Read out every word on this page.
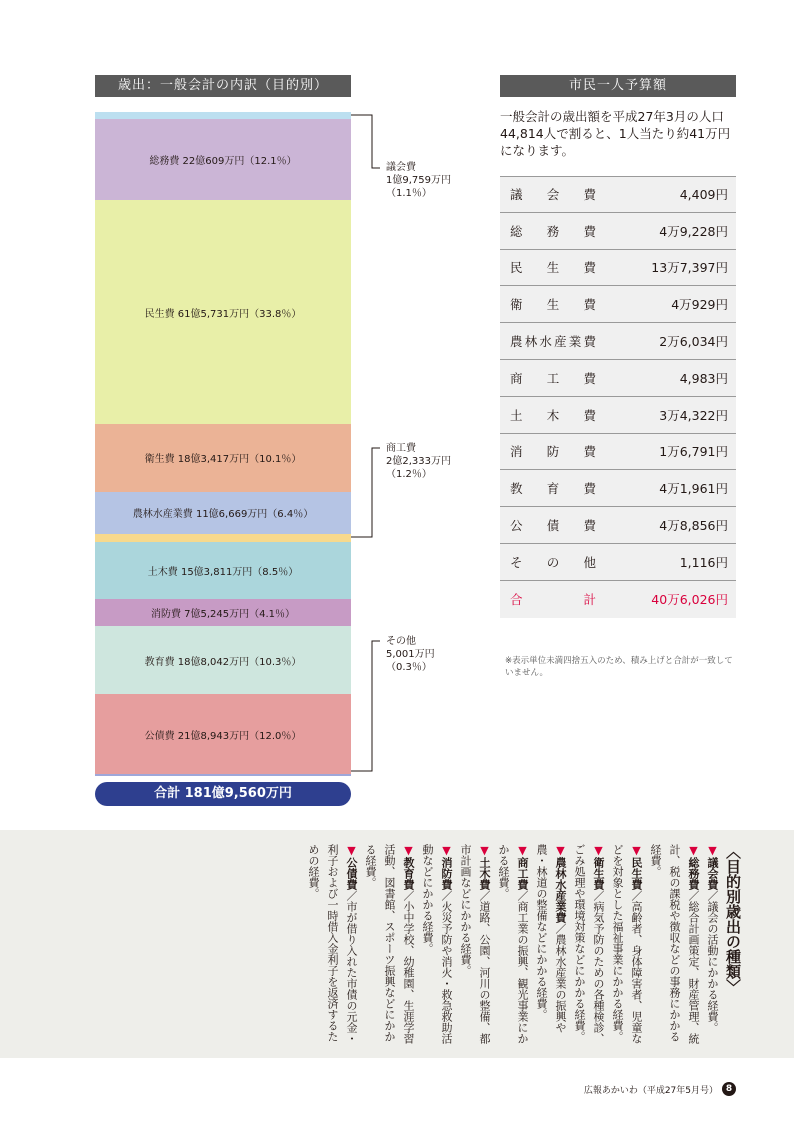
歳出：一般会計の内訳（目的別）	市民一人予算額
総務費 22億609万円（12.1％）
民生費 61億5,731万円（33.8％）
衛生費 18億3,417万円（10.1％）
農林水産業費 11億6,669万円（6.4％）
土木費 15億3,811万円（8.5％）
消防費 7億5,245万円（4.1％）
教育費 18億8,042万円（10.3％）
公債費 21億8,943万円（12.0％）
議会費
1億9,759万円
（1.1％）
商工費
2億2,333万円
（1.2％）
その他
5,001万円
（0.3％）
合計 181億9,560万円
一般会計の歳出額を平成27年3月の人口44,814人で割ると、1人当たり約41万円になります。
議会費	4,409円
総務費	4万9,228円
民生費	13万7,397円
衛生費	4万929円
農林水産業費	2万6,034円
商工費	4,983円
土木費	3万4,322円
消防費	1万6,791円
教育費	4万1,961円
公債費	4万8,856円
その他	1,116円
合計	40万6,026円
※表示単位未満四捨五入のため、積み上げと合計が一致していません。
〈目的別歳出の種類〉
▼議会費／議会の活動にかかる経費。
▼総務費／総合計画策定、財産管理、統計、税の課税や徴収などの事務にかかる経費。
▼民生費／高齢者、身体障害者、児童などを対象とした福祉事業にかかる経費。
▼衛生費／病気予防のための各種検診、ごみ処理や環境対策などにかかる経費。
▼農林水産業費／農林水産業の振興や農・林道の整備などにかかる経費。
▼商工費／商工業の振興、観光事業にかかる経費。
▼土木費／道路、公園、河川の整備、都市計画などにかかる経費。
▼消防費／火災予防や消火・救急救助活動などにかかる経費。
▼教育費／小中学校、幼稚園、生涯学習活動、図書館、スポーツ振興などにかかる経費。
▼公債費／市が借り入れた市債の元金・利子および一時借入金利子を返済するための経費。
広報あかいわ（平成27年5月号） 8
